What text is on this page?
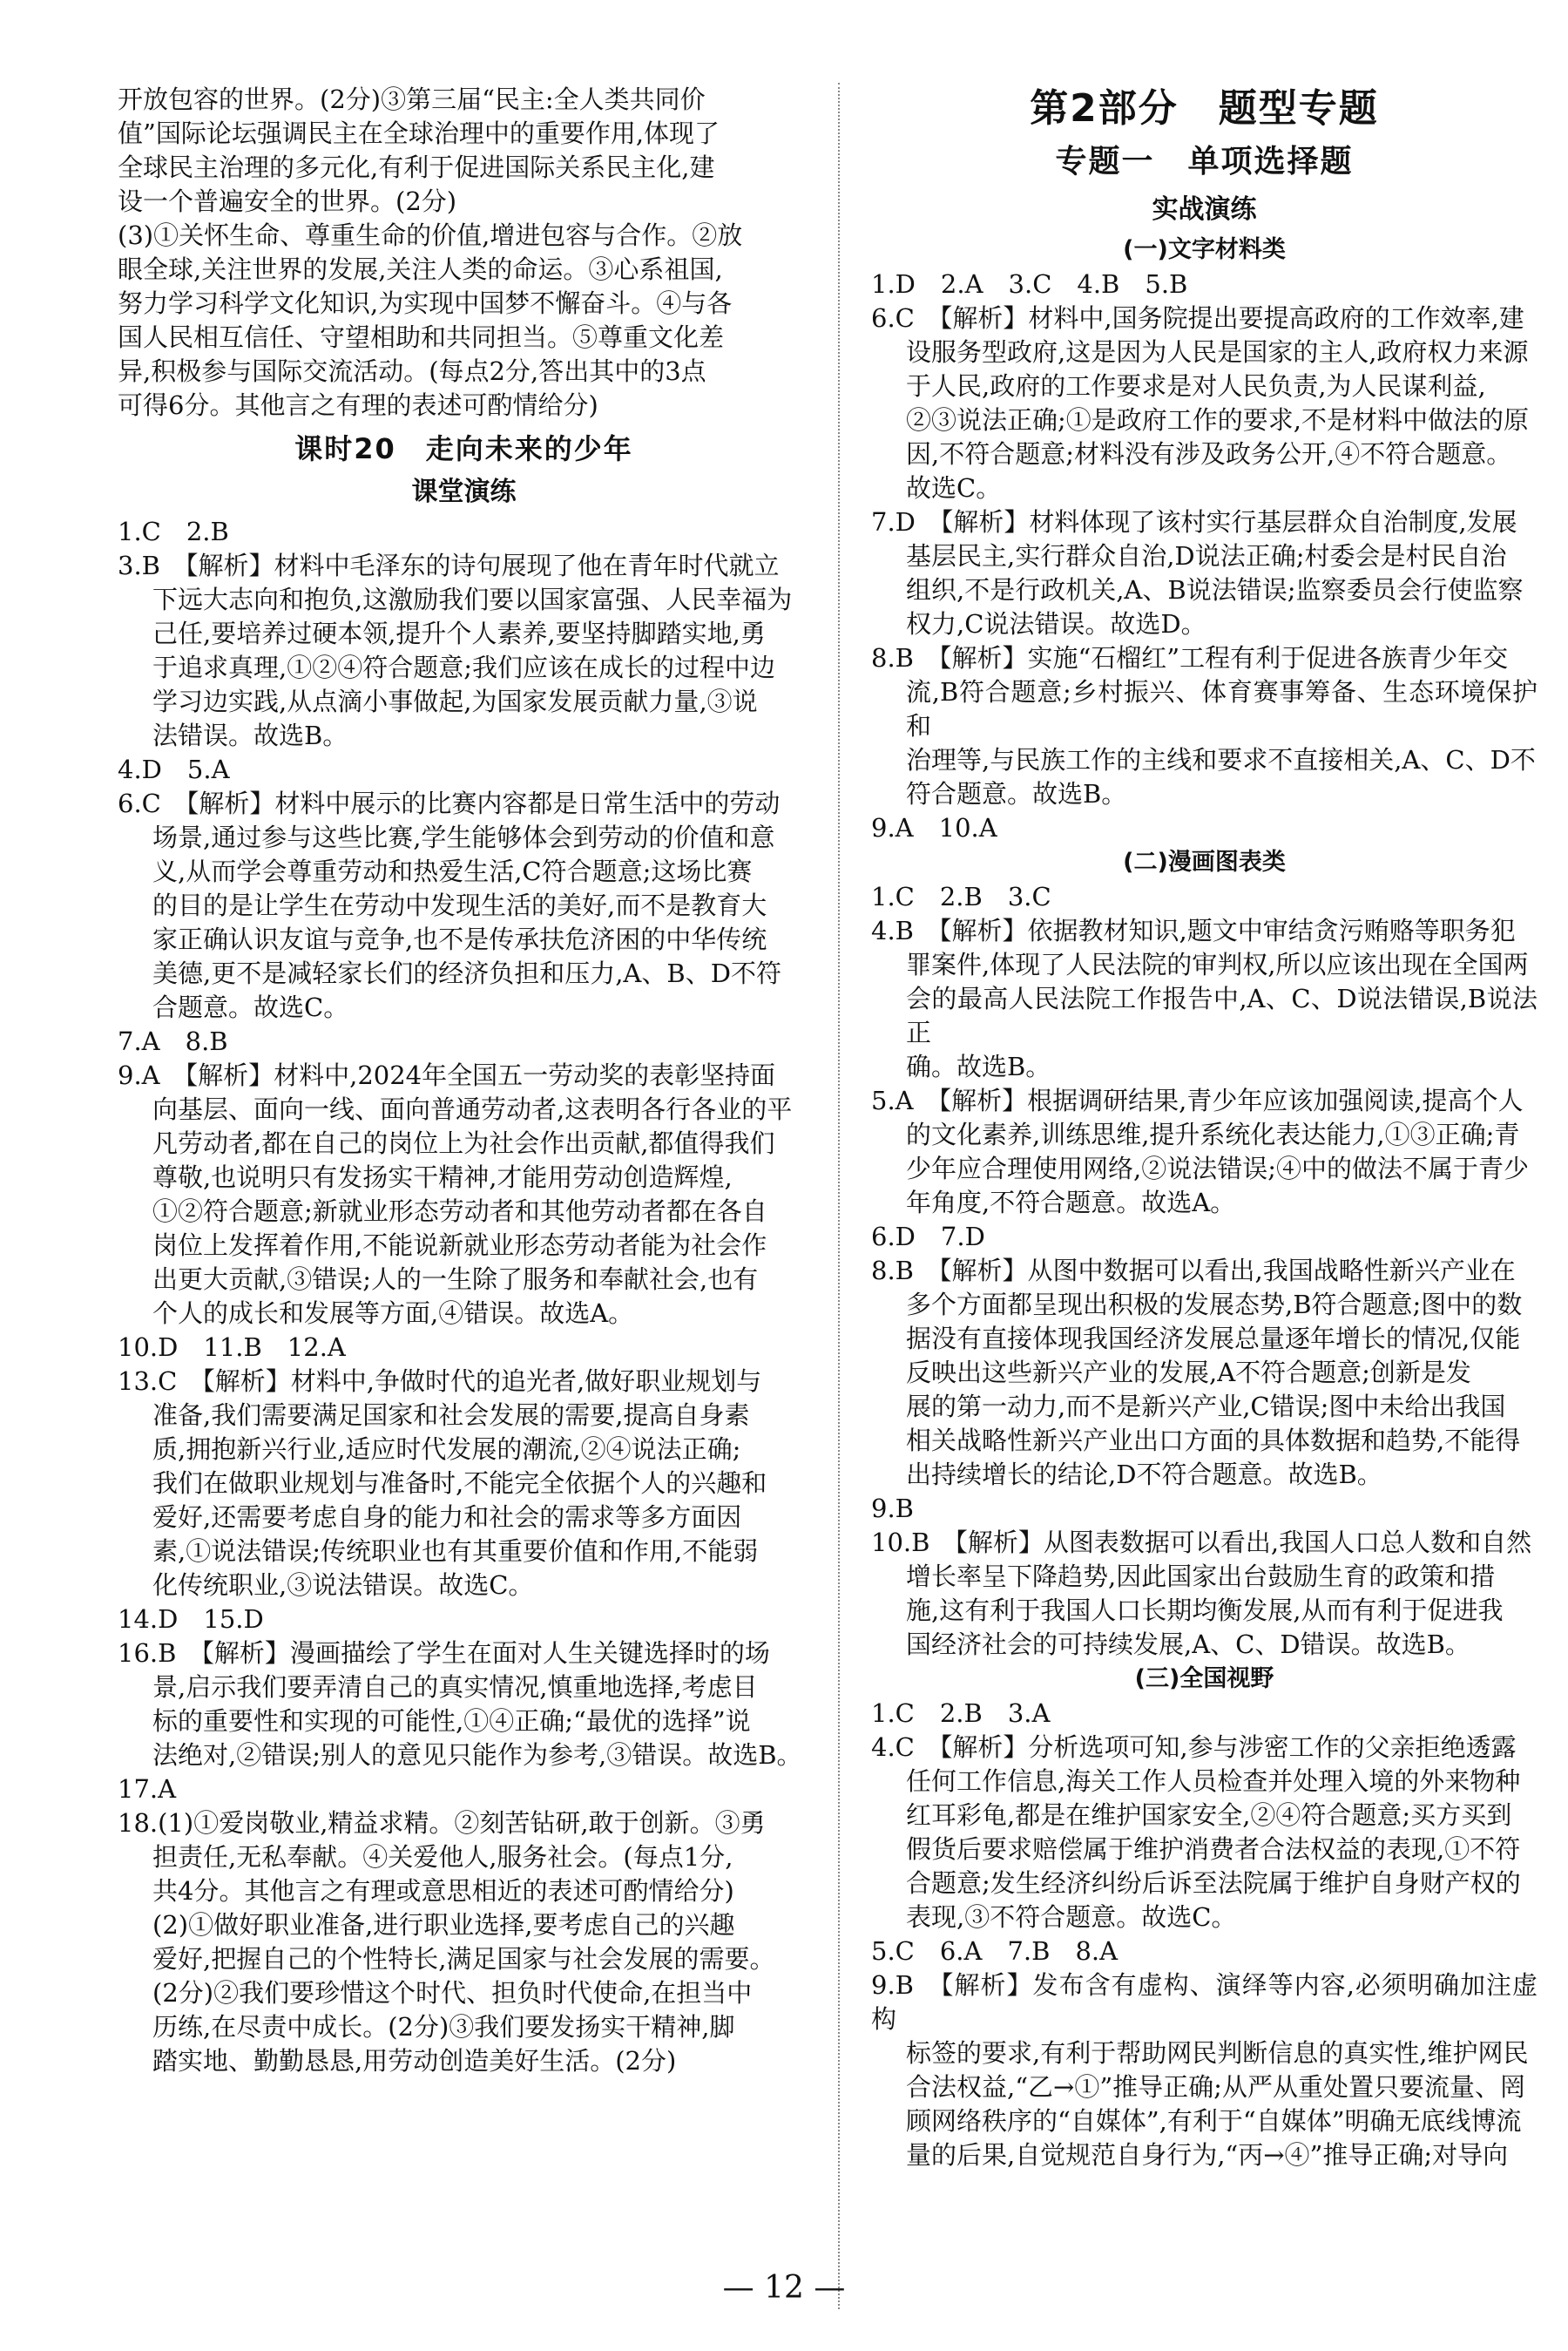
开放包容的世界。(2分)③第三届“民主:全人类共同价

值”国际论坛强调民主在全球治理中的重要作用,体现了

全球民主治理的多元化,有利于促进国际关系民主化,建

设一个普遍安全的世界。(2分)

(3)①关怀生命、尊重生命的价值,增进包容与合作。②放

眼全球,关注世界的发展,关注人类的命运。③心系祖国,

努力学习科学文化知识,为实现中国梦不懈奋斗。④与各

国人民相互信任、守望相助和共同担当。⑤尊重文化差

异,积极参与国际交流活动。(每点2分,答出其中的3点

可得6分。其他言之有理的表述可酌情给分)

课时20　走向未来的少年
课堂演练

1.C　2.B

3.B　【解析】材料中毛泽东的诗句展现了他在青年时代就立

下远大志向和抱负,这激励我们要以国家富强、人民幸福为

己任,要培养过硬本领,提升个人素养,要坚持脚踏实地,勇

于追求真理,①②④符合题意;我们应该在成长的过程中边

学习边实践,从点滴小事做起,为国家发展贡献力量,③说

法错误。故选B。

4.D　5.A

6.C　【解析】材料中展示的比赛内容都是日常生活中的劳动

场景,通过参与这些比赛,学生能够体会到劳动的价值和意

义,从而学会尊重劳动和热爱生活,C符合题意;这场比赛

的目的是让学生在劳动中发现生活的美好,而不是教育大

家正确认识友谊与竞争,也不是传承扶危济困的中华传统

美德,更不是减轻家长们的经济负担和压力,A、B、D不符

合题意。故选C。

7.A　8.B

9.A　【解析】材料中,2024年全国五一劳动奖的表彰坚持面

向基层、面向一线、面向普通劳动者,这表明各行各业的平

凡劳动者,都在自己的岗位上为社会作出贡献,都值得我们

尊敬,也说明只有发扬实干精神,才能用劳动创造辉煌,

①②符合题意;新就业形态劳动者和其他劳动者都在各自

岗位上发挥着作用,不能说新就业形态劳动者能为社会作

出更大贡献,③错误;人的一生除了服务和奉献社会,也有

个人的成长和发展等方面,④错误。故选A。

10.D　11.B　12.A

13.C　【解析】材料中,争做时代的追光者,做好职业规划与

准备,我们需要满足国家和社会发展的需要,提高自身素

质,拥抱新兴行业,适应时代发展的潮流,②④说法正确;

我们在做职业规划与准备时,不能完全依据个人的兴趣和

爱好,还需要考虑自身的能力和社会的需求等多方面因

素,①说法错误;传统职业也有其重要价值和作用,不能弱

化传统职业,③说法错误。故选C。

14.D　15.D

16.B　【解析】漫画描绘了学生在面对人生关键选择时的场

景,启示我们要弄清自己的真实情况,慎重地选择,考虑目

标的重要性和实现的可能性,①④正确;“最优的选择”说

法绝对,②错误;别人的意见只能作为参考,③错误。故选B。

17.A

18.(1)①爱岗敬业,精益求精。②刻苦钻研,敢于创新。③勇

担责任,无私奉献。④关爱他人,服务社会。(每点1分,

共4分。其他言之有理或意思相近的表述可酌情给分)

(2)①做好职业准备,进行职业选择,要考虑自己的兴趣

爱好,把握自己的个性特长,满足国家与社会发展的需要。

(2分)②我们要珍惜这个时代、担负时代使命,在担当中

历练,在尽责中成长。(2分)③我们要发扬实干精神,脚

踏实地、勤勤恳恳,用劳动创造美好生活。(2分)

第2部分　题型专题
专题一　单项选择题
实战演练
(一)文字材料类

1.D　2.A　3.C　4.B　5.B

6.C　【解析】材料中,国务院提出要提高政府的工作效率,建

设服务型政府,这是因为人民是国家的主人,政府权力来源

于人民,政府的工作要求是对人民负责,为人民谋利益,

②③说法正确;①是政府工作的要求,不是材料中做法的原

因,不符合题意;材料没有涉及政务公开,④不符合题意。

故选C。

7.D　【解析】材料体现了该村实行基层群众自治制度,发展

基层民主,实行群众自治,D说法正确;村委会是村民自治

组织,不是行政机关,A、B说法错误;监察委员会行使监察

权力,C说法错误。故选D。

8.B　【解析】实施“石榴红”工程有利于促进各族青少年交

流,B符合题意;乡村振兴、体育赛事筹备、生态环境保护和

治理等,与民族工作的主线和要求不直接相关,A、C、D不

符合题意。故选B。

9.A　10.A

(二)漫画图表类

1.C　2.B　3.C

4.B　【解析】依据教材知识,题文中审结贪污贿赂等职务犯

罪案件,体现了人民法院的审判权,所以应该出现在全国两

会的最高人民法院工作报告中,A、C、D说法错误,B说法正

确。故选B。

5.A　【解析】根据调研结果,青少年应该加强阅读,提高个人

的文化素养,训练思维,提升系统化表达能力,①③正确;青

少年应合理使用网络,②说法错误;④中的做法不属于青少

年角度,不符合题意。故选A。

6.D　7.D

8.B　【解析】从图中数据可以看出,我国战略性新兴产业在

多个方面都呈现出积极的发展态势,B符合题意;图中的数

据没有直接体现我国经济发展总量逐年增长的情况,仅能

反映出这些新兴产业的发展,A不符合题意;创新是发

展的第一动力,而不是新兴产业,C错误;图中未给出我国

相关战略性新兴产业出口方面的具体数据和趋势,不能得

出持续增长的结论,D不符合题意。故选B。

9.B

10.B　【解析】从图表数据可以看出,我国人口总人数和自然

增长率呈下降趋势,因此国家出台鼓励生育的政策和措

施,这有利于我国人口长期均衡发展,从而有利于促进我

国经济社会的可持续发展,A、C、D错误。故选B。

(三)全国视野

1.C　2.B　3.A

4.C　【解析】分析选项可知,参与涉密工作的父亲拒绝透露

任何工作信息,海关工作人员检查并处理入境的外来物种

红耳彩龟,都是在维护国家安全,②④符合题意;买方买到

假货后要求赔偿属于维护消费者合法权益的表现,①不符

合题意;发生经济纠纷后诉至法院属于维护自身财产权的

表现,③不符合题意。故选C。

5.C　6.A　7.B　8.A

9.B　【解析】发布含有虚构、演绎等内容,必须明确加注虚构

标签的要求,有利于帮助网民判断信息的真实性,维护网民

合法权益,“乙→①”推导正确;从严从重处置只要流量、罔

顾网络秩序的“自媒体”,有利于“自媒体”明确无底线博流

量的后果,自觉规范自身行为,“丙→④”推导正确;对导向

— 12 —
